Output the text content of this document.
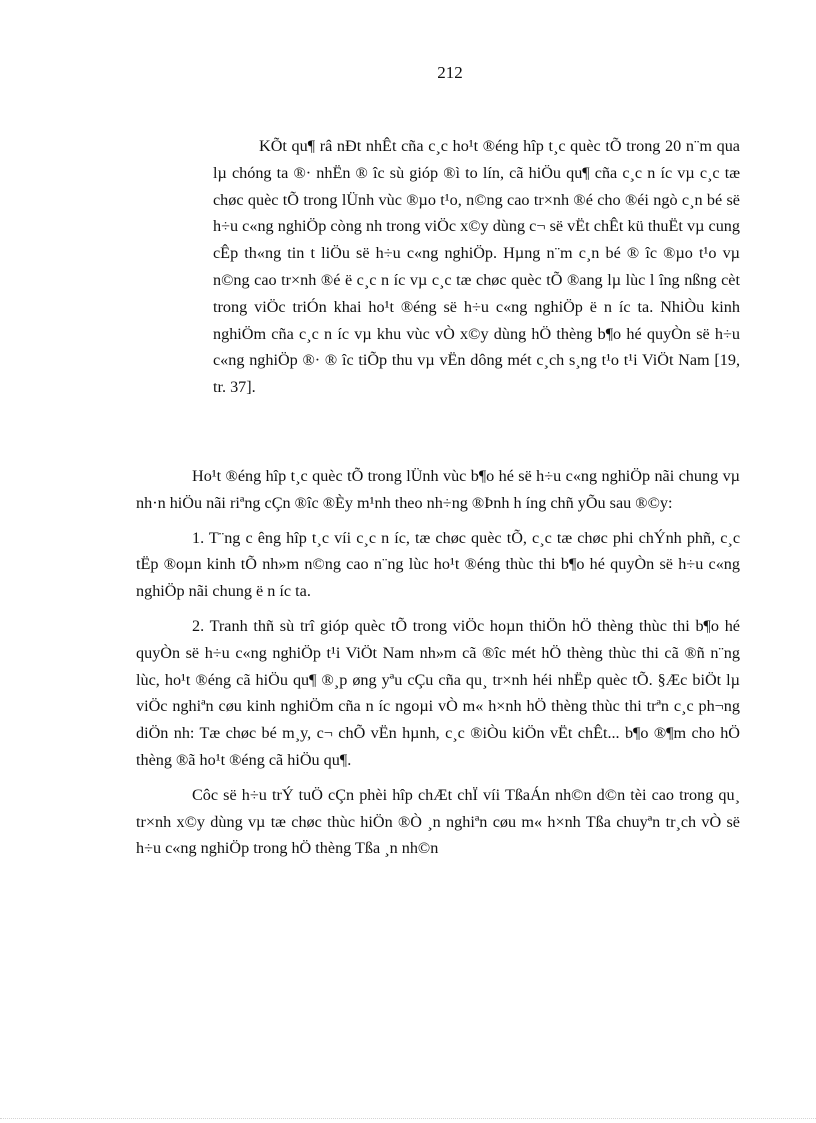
212

KÕt qu¶ râ nÐt nhÊt cña c¸c ho¹t ®éng hîp t¸c quèc tÕ trong 20 n¨m qua lµ chóng ta ®· nhËn ® îc sù gióp ®ì to lín, cã hiÖu qu¶ cña c¸c n íc vµ c¸c tæ chøc quèc tÕ trong lÜnh vùc ®µo t¹o, n©ng cao tr×nh ®é cho ®éi ngò c¸n bé së h÷u c«ng nghiÖp còng nh trong viÖc x©y dùng c¬ së vËt chÊt kü thuËt vµ cung cÊp th«ng tin t liÖu së h÷u c«ng nghiÖp. Hµng n¨m c¸n bé ® îc ®µo t¹o vµ n©ng cao tr×nh ®é ë c¸c n íc vµ c¸c tæ chøc quèc tÕ ®ang lµ lùc l îng nßng cèt trong viÖc triÓn khai ho¹t ®éng së h÷u c«ng nghiÖp ë n íc ta. NhiÒu kinh nghiÖm cña c¸c n íc vµ khu vùc vÒ x©y dùng hÖ thèng b¶o hé quyÒn së h÷u c«ng nghiÖp ®· ® îc tiÕp thu vµ vËn dông mét c¸ch s¸ng t¹o t¹i ViÖt Nam [19, tr. 37].

Ho¹t ®éng hîp t¸c quèc tÕ trong lÜnh vùc b¶o hé së h÷u c«ng nghiÖp nãi chung vµ nh·n hiÖu nãi riªng cÇn ®îc ®Èy m¹nh theo nh÷ng ®Þnh h íng chñ yÕu sau ®©y:

1. T¨ng c êng hîp t¸c víi c¸c n íc, tæ chøc quèc tÕ, c¸c tæ chøc phi chÝnh phñ, c¸c tËp ®oµn kinh tÕ nh»m n©ng cao n¨ng lùc ho¹t ®éng thùc thi b¶o hé quyÒn së h÷u c«ng nghiÖp nãi chung ë n íc ta.

2. Tranh thñ sù trî gióp quèc tÕ trong viÖc hoµn thiÖn hÖ thèng thùc thi b¶o hé quyÒn së h÷u c«ng nghiÖp t¹i ViÖt Nam nh»m cã ®îc mét hÖ thèng thùc thi cã ®ñ n¨ng lùc, ho¹t ®éng cã hiÖu qu¶ ®¸p øng yªu cÇu cña qu¸ tr×nh héi nhËp quèc tÕ. §Æc biÖt lµ viÖc nghiªn cøu kinh nghiÖm cña n íc ngoµi vÒ m« h×nh hÖ thèng thùc thi trªn c¸c ph¬ng diÖn nh: Tæ chøc bé m¸y, c¬ chÕ vËn hµnh, c¸c ®iÒu kiÖn vËt chÊt... b¶o ®¶m cho hÖ thèng ®ã ho¹t ®éng cã hiÖu qu¶.

Côc së h÷u trÝ tuÖ cÇn phèi hîp chÆt chÏ víi TßaÁn nh©n d©n tèi cao trong qu¸ tr×nh x©y dùng vµ tæ chøc thùc hiÖn ®Ò ¸n nghiªn cøu m« h×nh Tßa chuyªn tr¸ch vÒ së h÷u c«ng nghiÖp trong hÖ thèng Tßa ¸n nh©n
